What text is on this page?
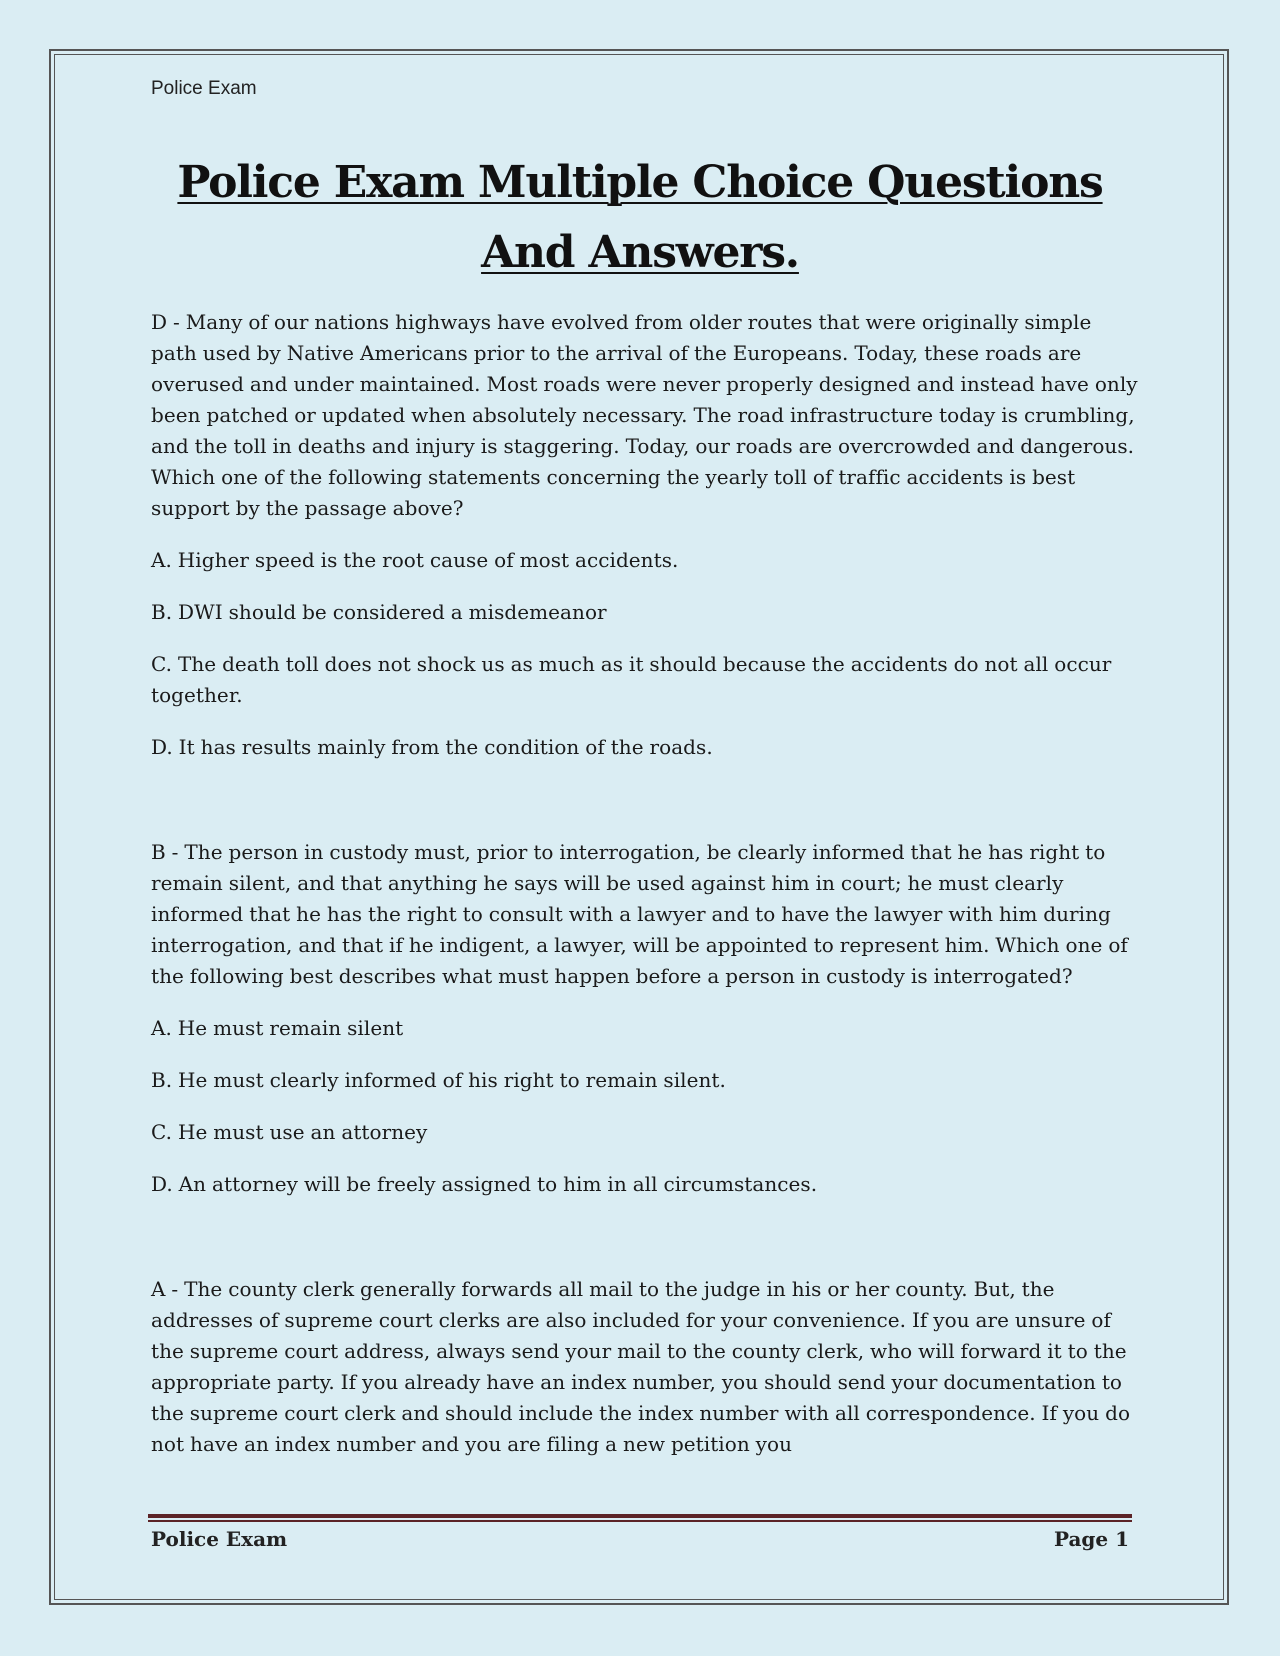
Police Exam
Police Exam Multiple Choice Questions And Answers.

D - Many of our nations highways have evolved from older routes that were originally simple path used by Native Americans prior to the arrival of the Europeans. Today, these roads are overused and under maintained. Most roads were never properly designed and instead have only been patched or updated when absolutely necessary. The road infrastructure today is crumbling, and the toll in deaths and injury is staggering. Today, our roads are overcrowded and dangerous. Which one of the following statements concerning the yearly toll of traffic accidents is best support by the passage above?

A. Higher speed is the root cause of most accidents.

B. DWI should be considered a misdemeanor

C. The death toll does not shock us as much as it should because the accidents do not all occur together.

D. It has results mainly from the condition of the roads.

B - The person in custody must, prior to interrogation, be clearly informed that he has right to remain silent, and that anything he says will be used against him in court; he must clearly informed that he has the right to consult with a lawyer and to have the lawyer with him during interrogation, and that if he indigent, a lawyer, will be appointed to represent him. Which one of the following best describes what must happen before a person in custody is interrogated?

A. He must remain silent

B. He must clearly informed of his right to remain silent.

C. He must use an attorney

D. An attorney will be freely assigned to him in all circumstances.

A - The county clerk generally forwards all mail to the judge in his or her county. But, the addresses of supreme court clerks are also included for your convenience. If you are unsure of the supreme court address, always send your mail to the county clerk, who will forward it to the appropriate party. If you already have an index number, you should send your documentation to the supreme court clerk and should include the index number with all correspondence. If you do not have an index number and you are filing a new petition you

Police Exam	Page 1
